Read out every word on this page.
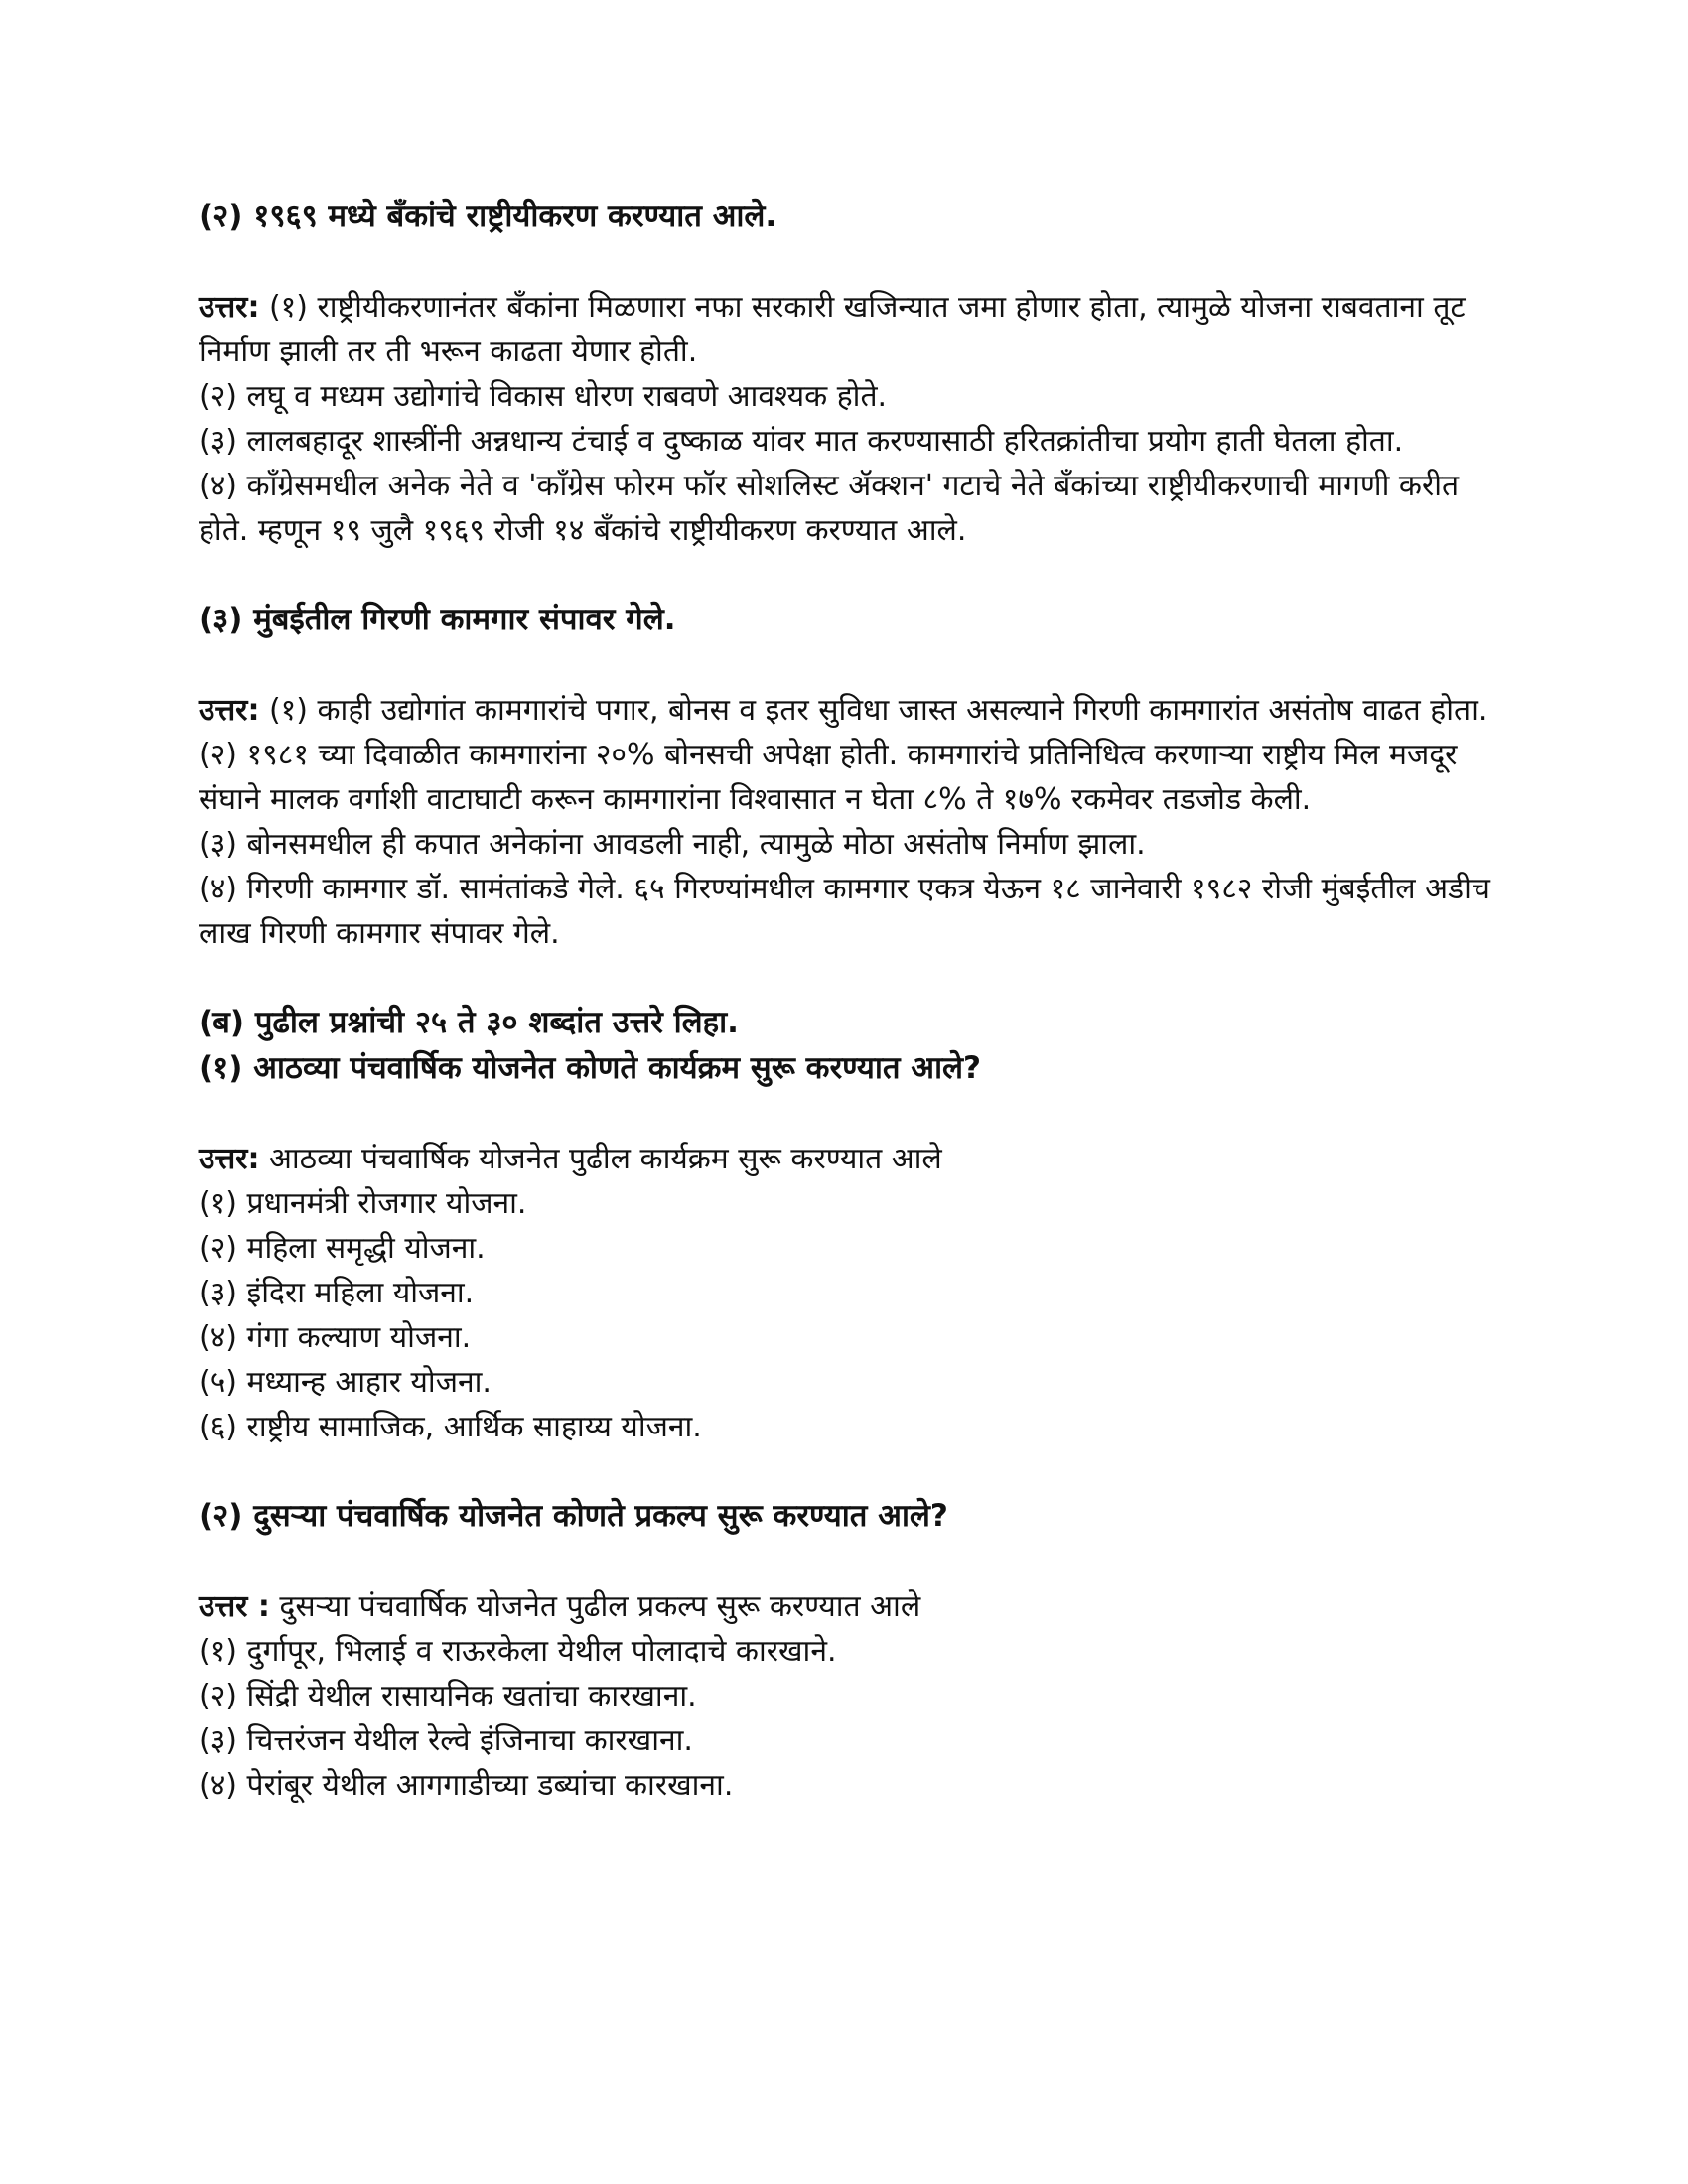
(२) १९६९ मध्ये बँकांचे राष्ट्रीयीकरण करण्यात आले.

उत्तर: (१) राष्ट्रीयीकरणानंतर बँकांना मिळणारा नफा सरकारी खजिन्यात जमा होणार होता, त्यामुळे योजना राबवताना तूट निर्माण झाली तर ती भरून काढता येणार होती.

(२) लघू व मध्यम उद्योगांचे विकास धोरण राबवणे आवश्यक होते.

(३) लालबहादूर शास्त्रींनी अन्नधान्य टंचाई व दुष्काळ यांवर मात करण्यासाठी हरितक्रांतीचा प्रयोग हाती घेतला होता.

(४) काँग्रेसमधील अनेक नेते व 'काँग्रेस फोरम फॉर सोशलिस्ट ॲक्शन' गटाचे नेते बँकांच्या राष्ट्रीयीकरणाची मागणी करीत होते. म्हणून १९ जुलै १९६९ रोजी १४ बँकांचे राष्ट्रीयीकरण करण्यात आले.

(३) मुंबईतील गिरणी कामगार संपावर गेले.

उत्तर: (१) काही उद्योगांत कामगारांचे पगार, बोनस व इतर सुविधा जास्त असल्याने गिरणी कामगारांत असंतोष वाढत होता.

(२) १९८१ च्या दिवाळीत कामगारांना २०% बोनसची अपेक्षा होती. कामगारांचे प्रतिनिधित्व करणाऱ्या राष्ट्रीय मिल मजदूर संघाने मालक वर्गाशी वाटाघाटी करून कामगारांना विश्वासात न घेता ८% ते १७% रकमेवर तडजोड केली.

(३) बोनसमधील ही कपात अनेकांना आवडली नाही, त्यामुळे मोठा असंतोष निर्माण झाला.

(४) गिरणी कामगार डॉ. सामंतांकडे गेले. ६५ गिरण्यांमधील कामगार एकत्र येऊन १८ जानेवारी १९८२ रोजी मुंबईतील अडीच लाख गिरणी कामगार संपावर गेले.

(ब) पुढील प्रश्नांची २५ ते ३० शब्दांत उत्तरे लिहा.

(१) आठव्या पंचवार्षिक योजनेत कोणते कार्यक्रम सुरू करण्यात आले?

उत्तर: आठव्या पंचवार्षिक योजनेत पुढील कार्यक्रम सुरू करण्यात आले

(१) प्रधानमंत्री रोजगार योजना.

(२) महिला समृद्धी योजना.

(३) इंदिरा महिला योजना.

(४) गंगा कल्याण योजना.

(५) मध्यान्ह आहार योजना.

(६) राष्ट्रीय सामाजिक, आर्थिक साहाय्य योजना.

(२) दुसऱ्या पंचवार्षिक योजनेत कोणते प्रकल्प सुरू करण्यात आले?

उत्तर : दुसऱ्या पंचवार्षिक योजनेत पुढील प्रकल्प सुरू करण्यात आले

(१) दुर्गापूर, भिलाई व राऊरकेला येथील पोलादाचे कारखाने.

(२) सिंद्री येथील रासायनिक खतांचा कारखाना.

(३) चित्तरंजन येथील रेल्वे इंजिनाचा कारखाना.

(४) पेरांबूर येथील आगगाडीच्या डब्यांचा कारखाना.
